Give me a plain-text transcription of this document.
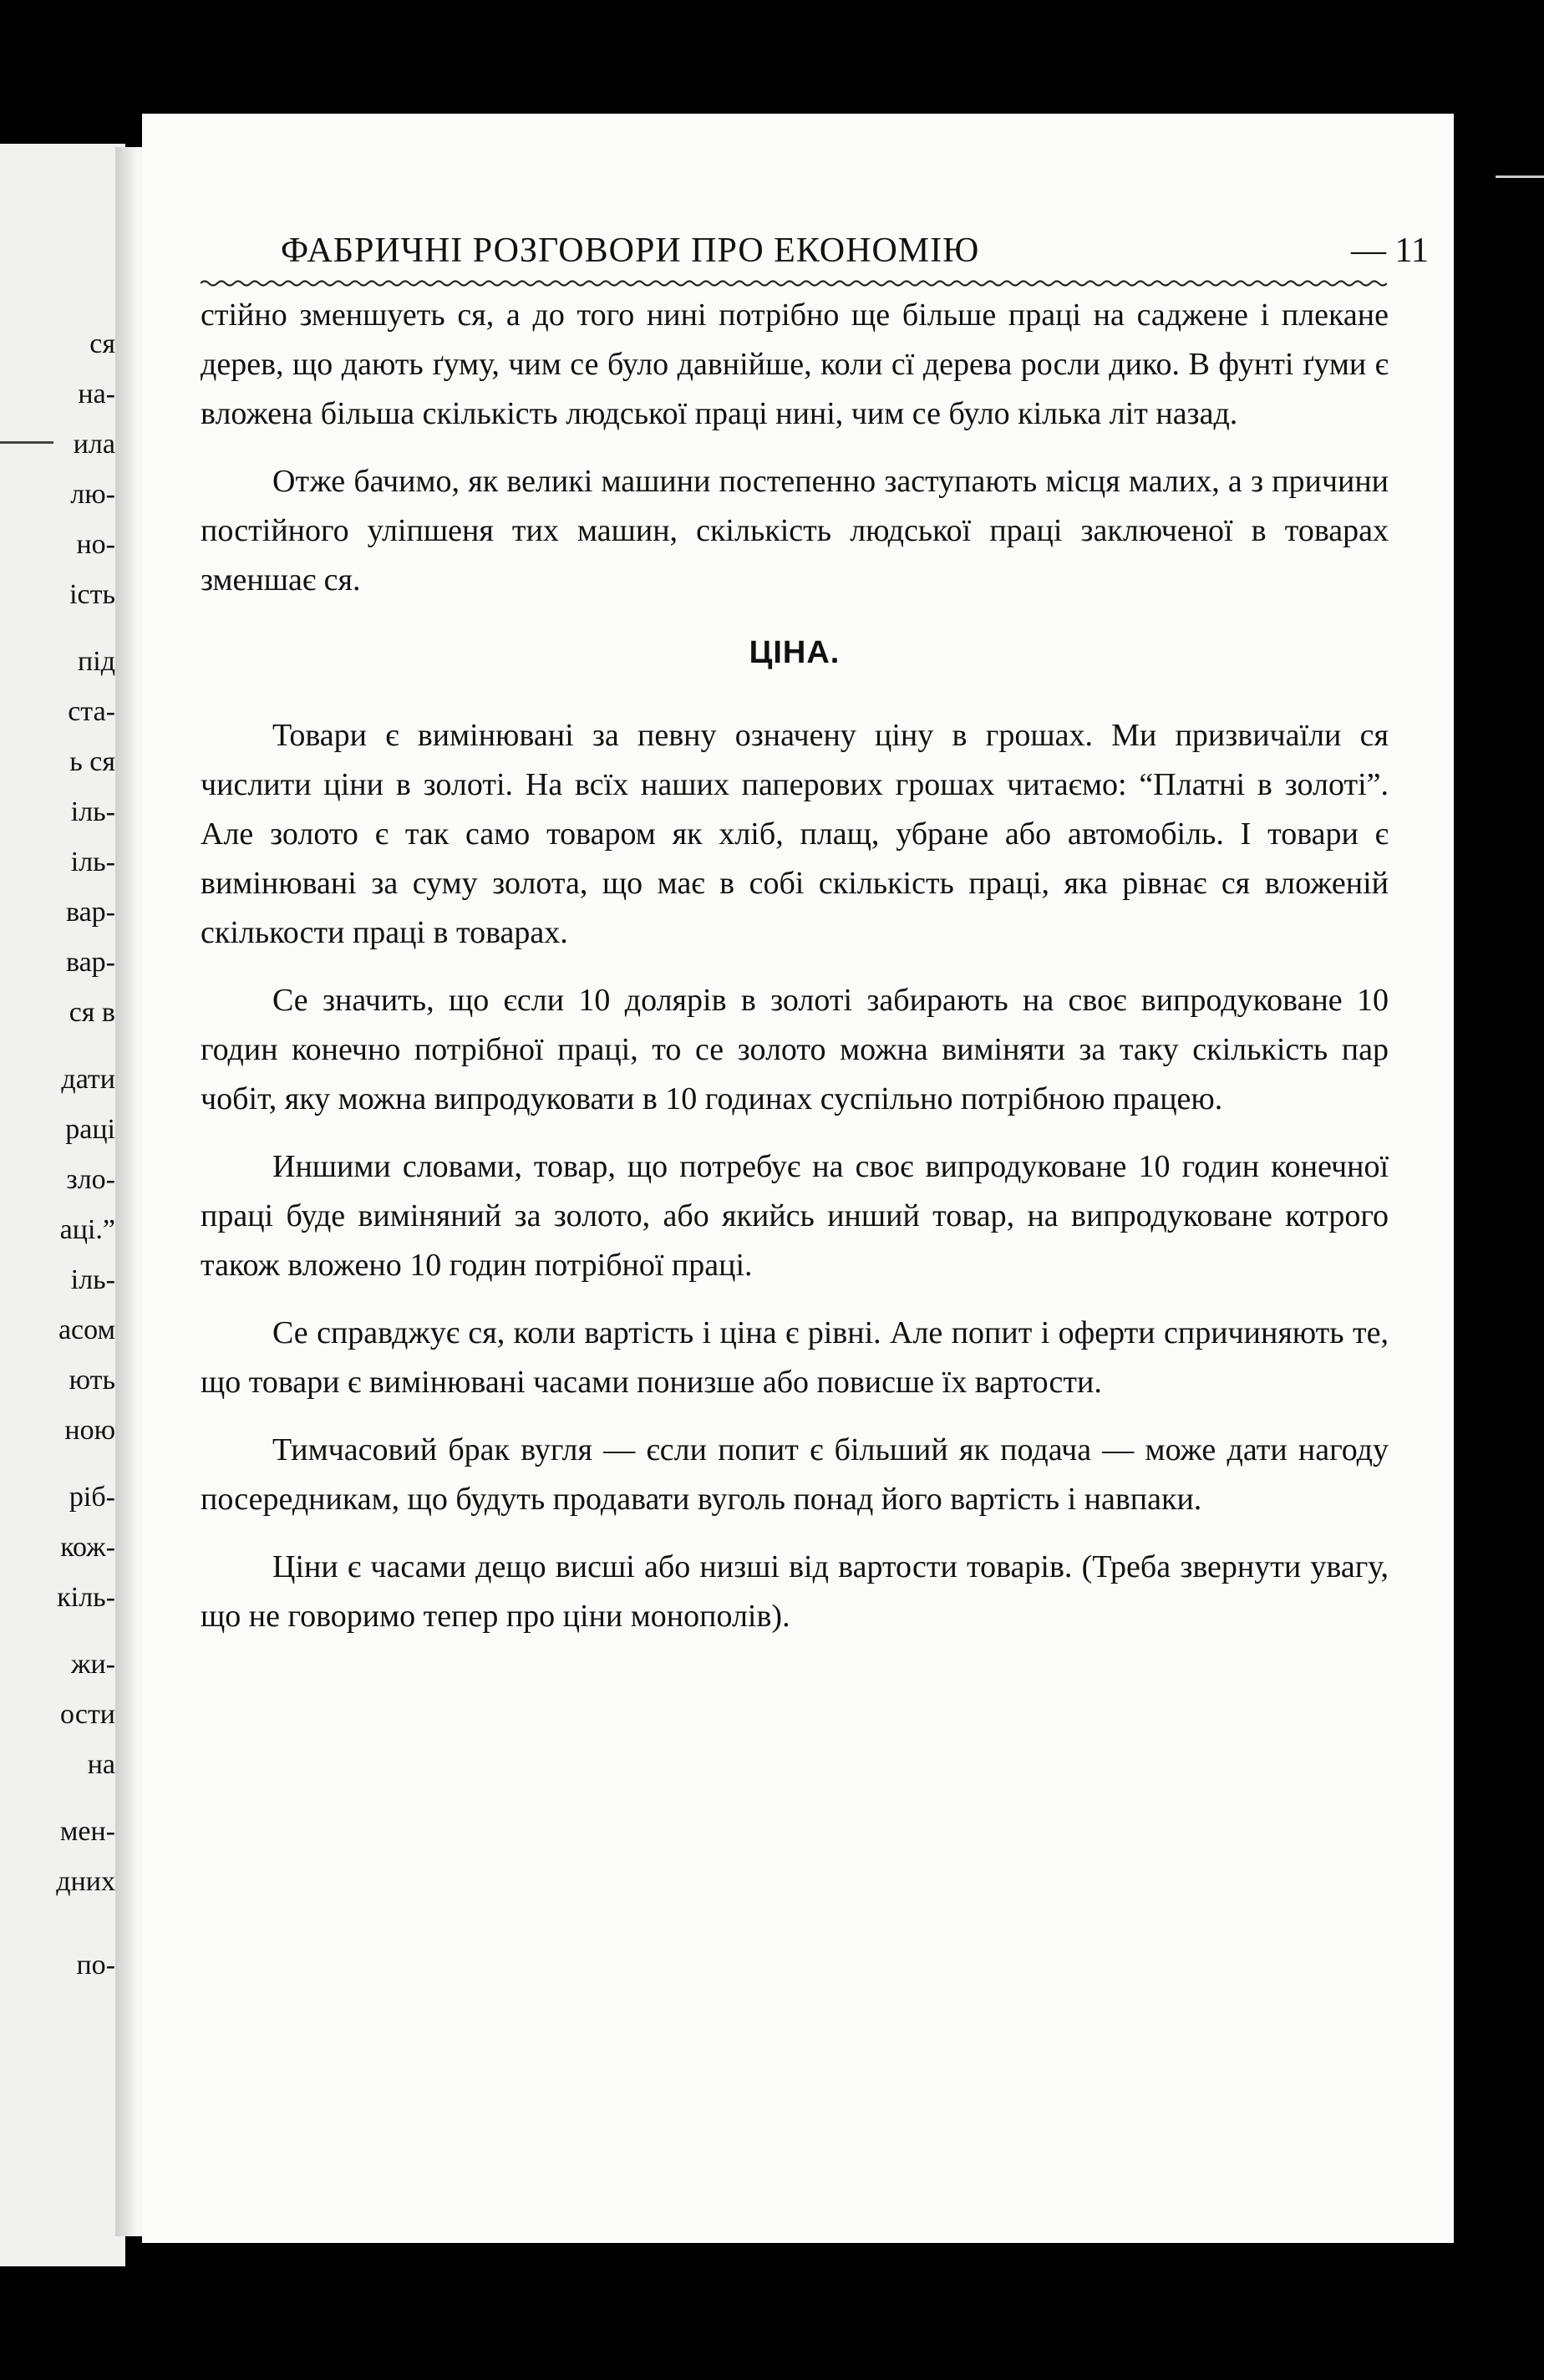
ся
на-
ила
лю-
но-
ість
під
ста-
ь ся
іль-
іль-
вар-
вар-
ся в
дати
раці
зло-
аці.”
іль-
асом
ють
ною
ріб-
кож-
кіль-
жи-
ости
на
мен-
дних
по-
ФАБРИЧНІ РОЗГОВОРИ ПРО ЕКОНОМІЮ	— 11

стійно зменшуеть ся, а до того нині потрібно ще більше праці на саджене і плекане дерев, що дають ґуму, чим се було давнійше, коли сї дерева росли дико. В фунті ґуми є вложена більша скількість людської праці нині, чим се було кілька літ назад.

Отже бачимо, як великі машини постепенно заступають місця малих, а з причини постійного уліпшеня тих машин, скількість людської праці заключеної в товарах зменшає ся.

ЦІНА.

Товари є вимінювані за певну означену ціну в грошах. Ми призвичаїли ся числити ціни в золоті. На всїх наших паперових грошах читаємо: “Платні в золоті”. Але золото є так само товаром як хліб, плащ, убране або автомобіль. І товари є вимінювані за суму золота, що має в собі скількість праці, яка рівнає ся вложеній скількости праці в товарах.

Се значить, що єсли 10 долярів в золоті забирають на своє випродуковане 10 годин конечно потрібної праці, то се золото можна виміняти за таку скількість пар чобіт, яку можна випродуковати в 10 годинах суспільно потрібною працею.

Иншими словами, товар, що потребує на своє випродуковане 10 годин конечної праці буде виміняний за золото, або якийсь инший товар, на випродуковане котрого також вложено 10 годин потрібної праці.

Се справджує ся, коли вартість і ціна є рівні. Але попит і оферти спричиняють те, що товари є вимінювані часами понизше або повисше їх вартости.

Тимчасовий брак вугля — єсли попит є більший як подача — може дати нагоду посередникам, що будуть продавати вуголь понад його вартість і навпаки.

Ціни є часами дещо висші або низші від вартости товарів. (Треба звернути увагу, що не говоримо тепер про ціни монополів).
